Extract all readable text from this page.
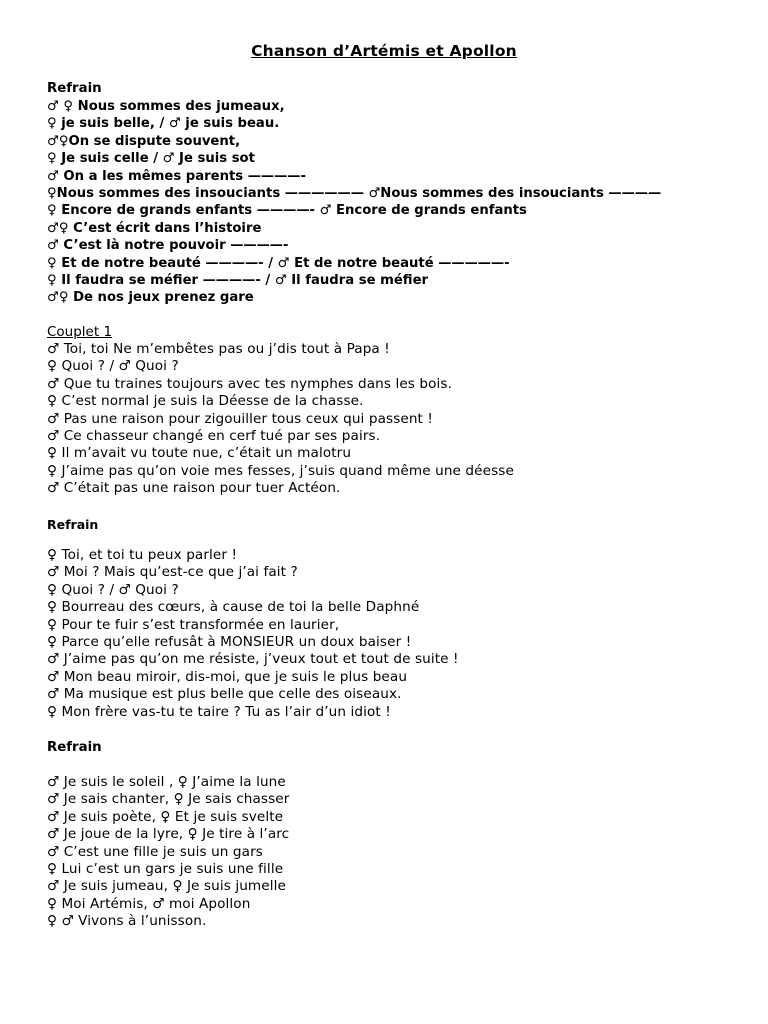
Chanson d’Artémis et Apollon
Refrain
♂ ♀ Nous sommes des jumeaux,
♀ je suis belle, / ♂ je suis beau.
♂♀On se dispute souvent,
♀ Je suis celle / ♂ Je suis sot
♂ On a les mêmes parents ————-
♀Nous sommes des insouciants —————— ♂Nous sommes des insouciants ————
♀ Encore de grands enfants ————- ♂ Encore de grands enfants
♂♀ C’est écrit dans l’histoire
♂ C’est là notre pouvoir ————-
♀ Et de notre beauté ————- / ♂ Et de notre beauté —————-
♀ Il faudra se méfier ————- / ♂ Il faudra se méfier
♂♀ De nos jeux prenez gare
Couplet 1
♂ Toi, toi Ne m’embêtes pas ou j’dis tout à Papa !
♀ Quoi ? / ♂ Quoi ?
♂ Que tu traines toujours avec tes nymphes dans les bois.
♀ C’est normal je suis la Déesse de la chasse.
♂ Pas une raison pour zigouiller tous ceux qui passent !
♂ Ce chasseur changé en cerf tué par ses pairs.
♀ Il m’avait vu toute nue, c’était un malotru
♀ J’aime pas qu’on voie mes fesses, j’suis quand même une déesse
♂ C’était pas une raison pour tuer Actéon.
Refrain
♀ Toi, et toi tu peux parler !
♂ Moi ? Mais qu’est-ce que j’ai fait ?
♀ Quoi ? / ♂ Quoi ?
♀ Bourreau des cœurs, à cause de toi la belle Daphné
♀ Pour te fuir s’est transformée en laurier,
♀ Parce qu’elle refusât à MONSIEUR un doux baiser !
♂ J’aime pas qu’on me résiste, j’veux tout et tout de suite !
♂ Mon beau miroir, dis-moi, que je suis le plus beau
♂ Ma musique est plus belle que celle des oiseaux.
♀ Mon frère vas-tu te taire ? Tu as l’air d’un idiot !
Refrain
♂ Je suis le soleil , ♀ J’aime la lune
♂ Je sais chanter, ♀ Je sais chasser
♂ Je suis poète, ♀ Et je suis svelte
♂ Je joue de la lyre, ♀ Je tire à l’arc
♂ C’est une fille je suis un gars
♀ Lui c’est un gars je suis une fille
♂ Je suis jumeau, ♀ Je suis jumelle
♀ Moi Artémis, ♂ moi Apollon
♀ ♂ Vivons à l’unisson.
